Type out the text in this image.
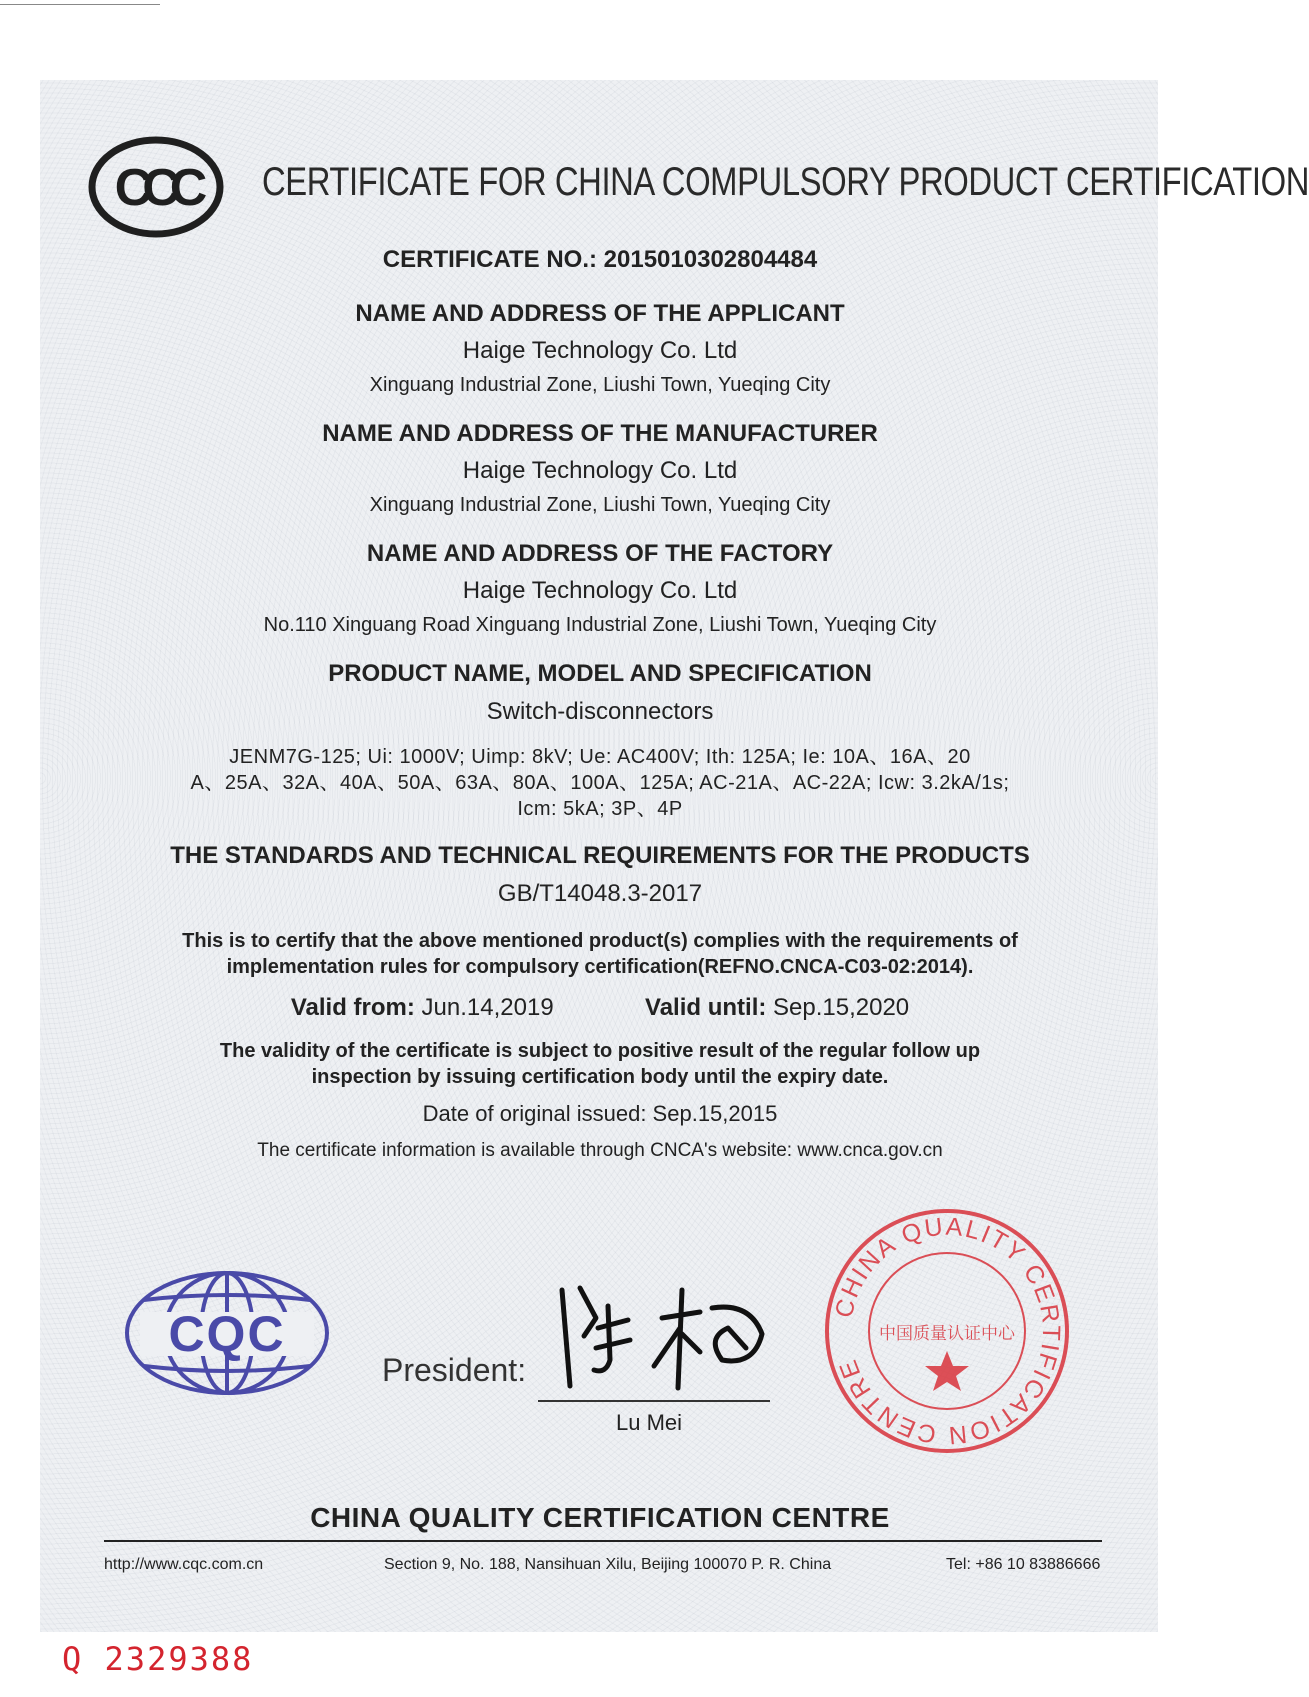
CCC CERTIFICATE FOR CHINA COMPULSORY PRODUCT CERTIFICATION
CERTIFICATE NO.: 2015010302804484
NAME AND ADDRESS OF THE APPLICANT
Haige Technology Co. Ltd
Xinguang Industrial Zone, Liushi Town, Yueqing City
NAME AND ADDRESS OF THE MANUFACTURER
Haige Technology Co. Ltd
Xinguang Industrial Zone, Liushi Town, Yueqing City
NAME AND ADDRESS OF THE FACTORY
Haige Technology Co. Ltd
No.110 Xinguang Road Xinguang Industrial Zone, Liushi Town, Yueqing City
PRODUCT NAME, MODEL AND SPECIFICATION
Switch-disconnectors
JENM7G-125; Ui: 1000V; Uimp: 8kV; Ue: AC400V; Ith: 125A; Ie: 10A、16A、20
A、25A、32A、40A、50A、63A、80A、100A、125A; AC-21A、AC-22A; Icw: 3.2kA/1s;
Icm: 5kA; 3P、4P
THE STANDARDS AND TECHNICAL REQUIREMENTS FOR THE PRODUCTS
GB/T14048.3-2017
This is to certify that the above mentioned product(s) complies with the requirements of
implementation rules for compulsory certification(REFNO.CNCA-C03-02:2014).
Valid from: Jun.14,2019	Valid until: Sep.15,2020
The validity of the certificate is subject to positive result of the regular follow up
inspection by issuing certification body until the expiry date.
Date of original issued: Sep.15,2015
The certificate information is available through CNCA's website: www.cnca.gov.cn
CQC
President:
Lu Mei
CHINA QUALITY CERTIFICATION CENTRE
中国质量认证中心
CHINA QUALITY CERTIFICATION CENTRE
http://www.cqc.com.cn	Section 9, No. 188, Nansihuan Xilu, Beijing 100070 P. R. China	Tel: +86 10 83886666
Q 2329388
